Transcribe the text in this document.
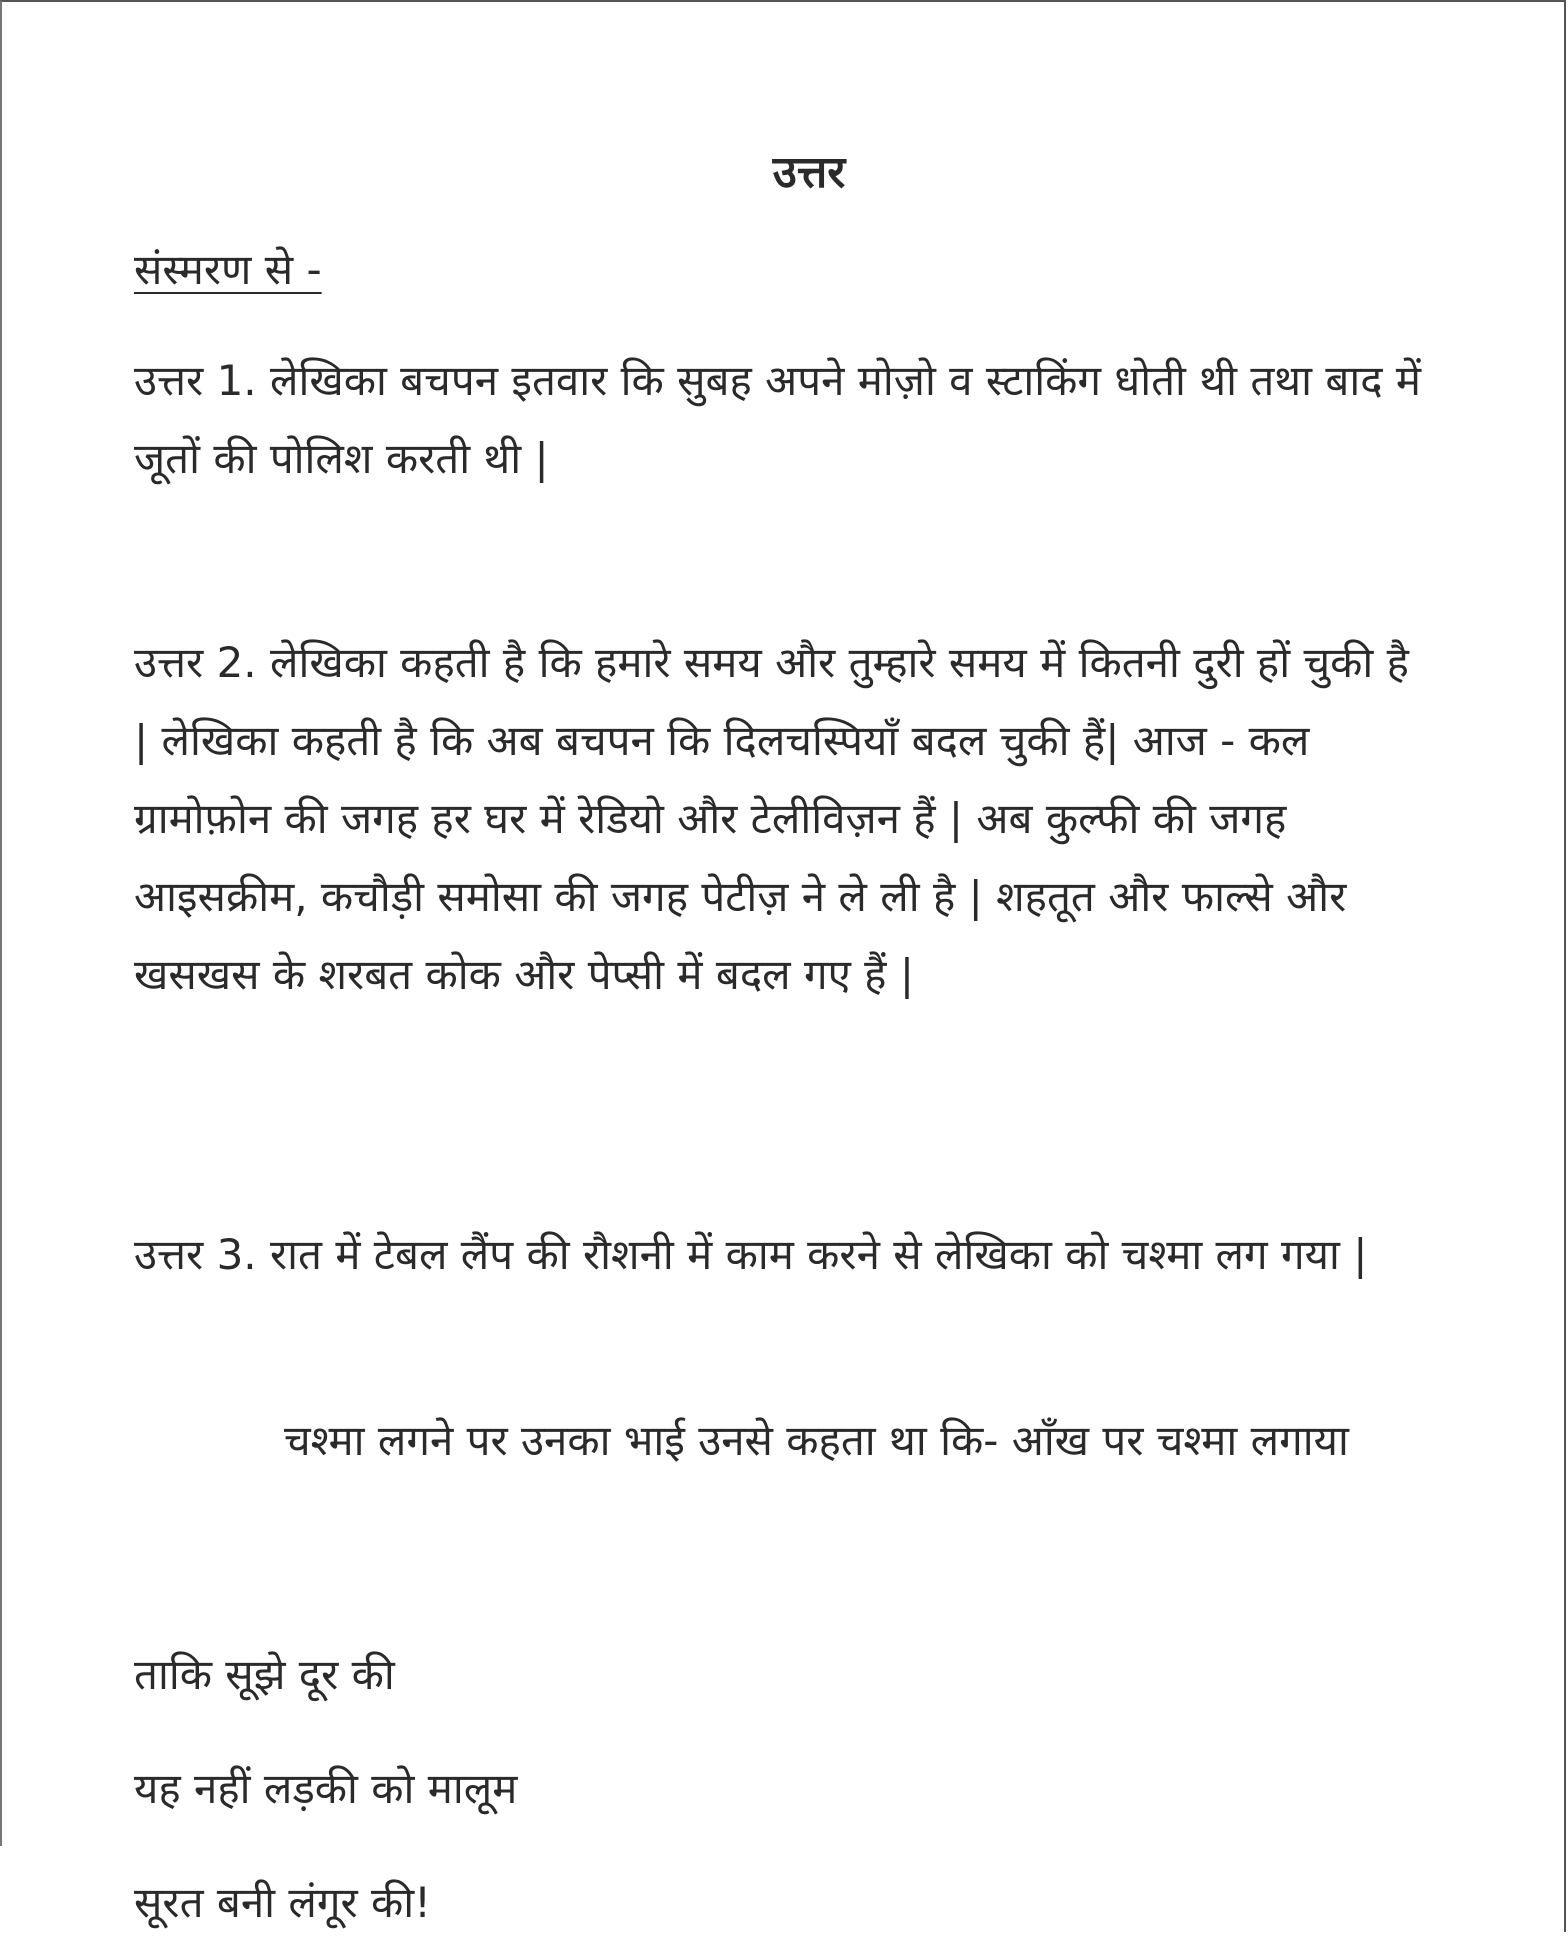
उत्तर
संस्मरण से -

उत्तर 1. लेखिका बचपन इतवार कि सुबह अपने मोज़ो व स्टाकिंग धोती थी तथा बाद में जूतों की पोलिश करती थी |

उत्तर 2. लेखिका कहती है कि हमारे समय और तुम्हारे समय में कितनी दुरी हों चुकी है | लेखिका कहती है कि अब बचपन कि दिलचस्पियाँ बदल चुकी हैं| आज - कल ग्रामोफ़ोन की जगह हर घर में रेडियो और टेलीविज़न हैं | अब कुल्फी की जगह आइसक्रीम, कचौड़ी समोसा की जगह पेटीज़ ने ले ली है | शहतूत और फाल्से और खसखस के शरबत कोक और पेप्सी में बदल गए हैं |

उत्तर 3. रात में टेबल लैंप की रौशनी में काम करने से लेखिका को चश्मा लग गया |

चश्मा लगने पर उनका भाई उनसे कहता था कि- आँख पर चश्मा लगाया

ताकि सूझे दूर की

यह नहीं लड़की को मालूम

सूरत बनी लंगूर की!
